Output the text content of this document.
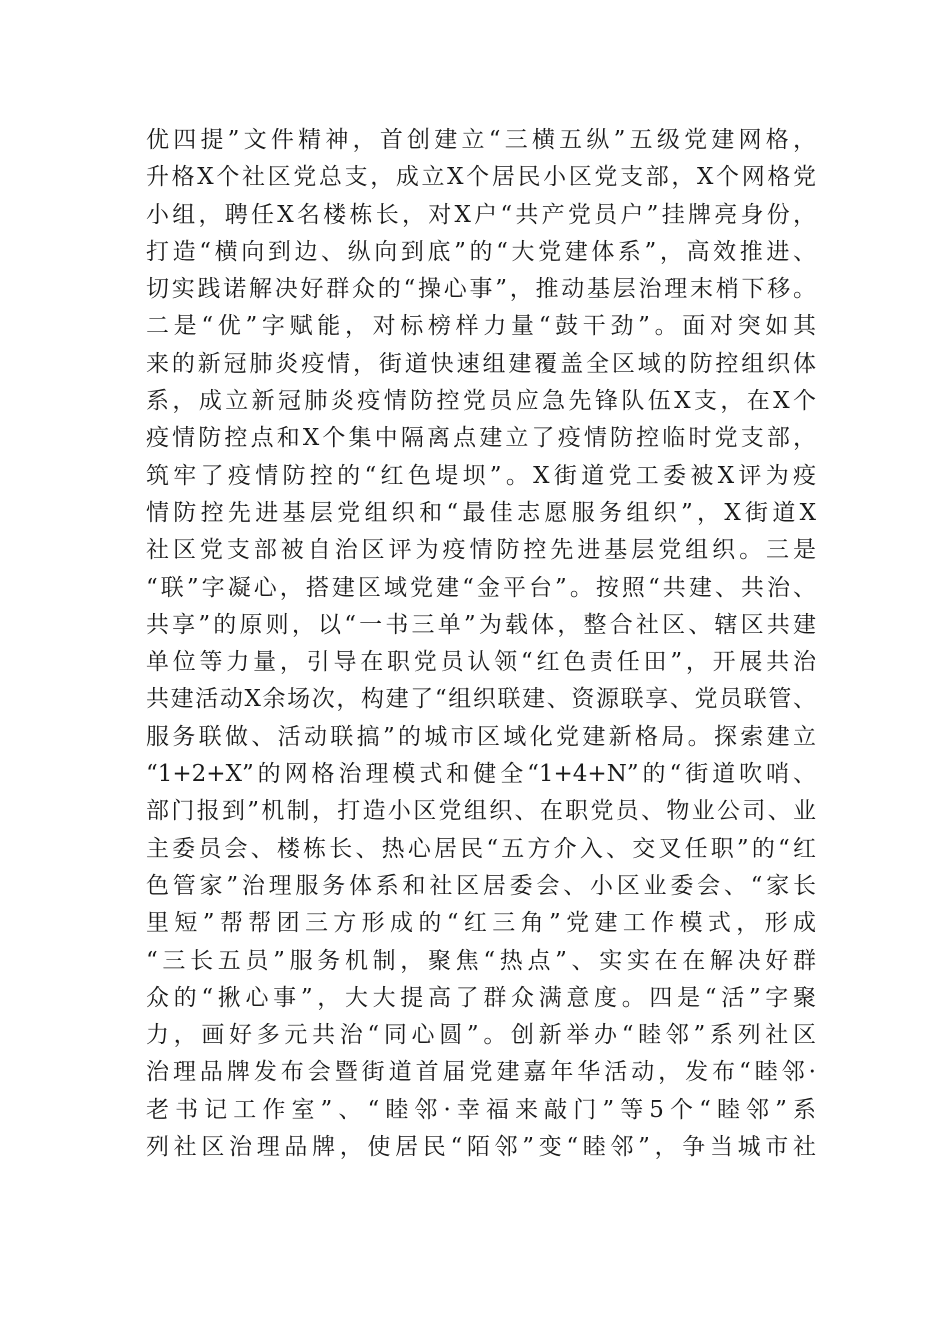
优四提”文件精神，首创建立“三横五纵”五级党建网格，
升格X个社区党总支，成立X个居民小区党支部，X个网格党
小组，聘任X名楼栋长，对X户“共产党员户”挂牌亮身份，
打造“横向到边、纵向到底”的“大党建体系”，高效推进、
切实践诺解决好群众的“操心事”，推动基层治理末梢下移。
二是“优”字赋能，对标榜样力量“鼓干劲”。面对突如其
来的新冠肺炎疫情，街道快速组建覆盖全区域的防控组织体
系，成立新冠肺炎疫情防控党员应急先锋队伍X支，在X个
疫情防控点和X个集中隔离点建立了疫情防控临时党支部，
筑牢了疫情防控的“红色堤坝”。X街道党工委被X评为疫
情防控先进基层党组织和“最佳志愿服务组织”，X街道X
社区党支部被自治区评为疫情防控先进基层党组织。三是
“联”字凝心，搭建区域党建“金平台”。按照“共建、共治、
共享”的原则，以“一书三单”为载体，整合社区、辖区共建
单位等力量，引导在职党员认领“红色责任田”，开展共治
共建活动X余场次，构建了“组织联建、资源联享、党员联管、
服务联做、活动联搞”的城市区域化党建新格局。探索建立
“1+2+X”的网格治理模式和健全“1+4+N”的“街道吹哨、
部门报到”机制，打造小区党组织、在职党员、物业公司、业
主委员会、楼栋长、热心居民“五方介入、交叉任职”的“红
色管家”治理服务体系和社区居委会、小区业委会、“家长
里短”帮帮团三方形成的“红三角”党建工作模式，形成
“三长五员”服务机制，聚焦“热点”、实实在在解决好群
众的“揪心事”，大大提高了群众满意度。四是“活”字聚
力，画好多元共治“同心圆”。创新举办“睦邻”系列社区
治理品牌发布会暨街道首届党建嘉年华活动，发布“睦邻·
老书记工作室”、“睦邻·幸福来敲门”等5个“睦邻”系
列社区治理品牌，使居民“陌邻”变“睦邻”，争当城市社
